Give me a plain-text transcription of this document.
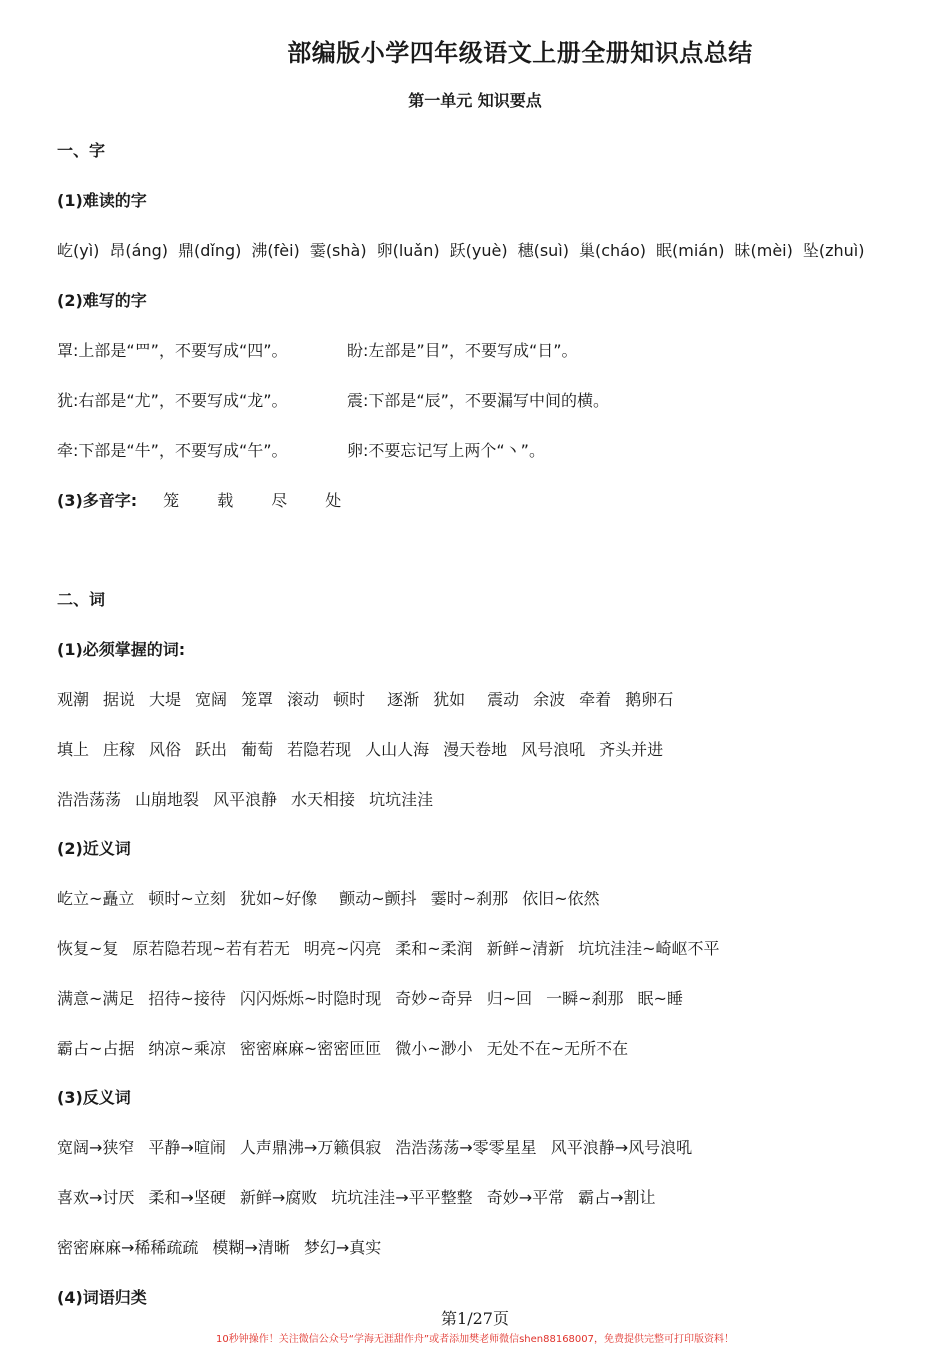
部编版小学四年级语文上册全册知识点总结
第一单元 知识要点
一、字
(1)难读的字
屹(yì) 昂(áng) 鼎(dǐng) 沸(fèi) 霎(shà) 卵(luǎn) 跃(yuè) 穗(suì) 巢(cháo) 眠(mián) 昧(mèi) 坠(zhuì)
(2)难写的字
罩:上部是“罒”，不要写成“四”。	盼:左部是”目”，不要写成“日”。
犹:右部是“尤”，不要写成“龙”。	震:下部是“辰”，不要漏写中间的横。
牵:下部是“牛”，不要写成“午”。	卵:不要忘记写上两个“丶”。
(3)多音字: 笼 载 尽 处
二、词
(1)必须掌握的词:
观潮 据说 大堤 宽阔 笼罩 滚动 顿时 逐渐 犹如 震动 余波 牵着 鹅卵石
填上 庄稼 风俗 跃出 葡萄 若隐若现 人山人海 漫天卷地 风号浪吼 齐头并进
浩浩荡荡 山崩地裂 风平浪静 水天相接 坑坑洼洼
(2)近义词
屹立~矗立 顿时~立刻 犹如~好像 颤动~颤抖 霎时~刹那 依旧~依然
恢复~复 原若隐若现~若有若无 明亮~闪亮 柔和~柔润 新鲜~清新 坑坑洼洼~崎岖不平
满意~满足 招待~接待 闪闪烁烁~时隐时现 奇妙~奇异 归~回 一瞬~刹那 眠~睡
霸占~占据 纳凉~乘凉 密密麻麻~密密匝匝 微小~渺小 无处不在~无所不在
(3)反义词
宽阔→狭窄 平静→喧闹 人声鼎沸→万籁俱寂 浩浩荡荡→零零星星 风平浪静→风号浪吼
喜欢→讨厌 柔和→坚硬 新鲜→腐败 坑坑洼洼→平平整整 奇妙→平常 霸占→割让
密密麻麻→稀稀疏疏 模糊→清晰 梦幻→真实
(4)词语归类
第1/27页
10秒钟操作！关注微信公众号“学海无涯甜作舟”或者添加樊老师微信shen88168007，免费提供完整可打印版资料！
